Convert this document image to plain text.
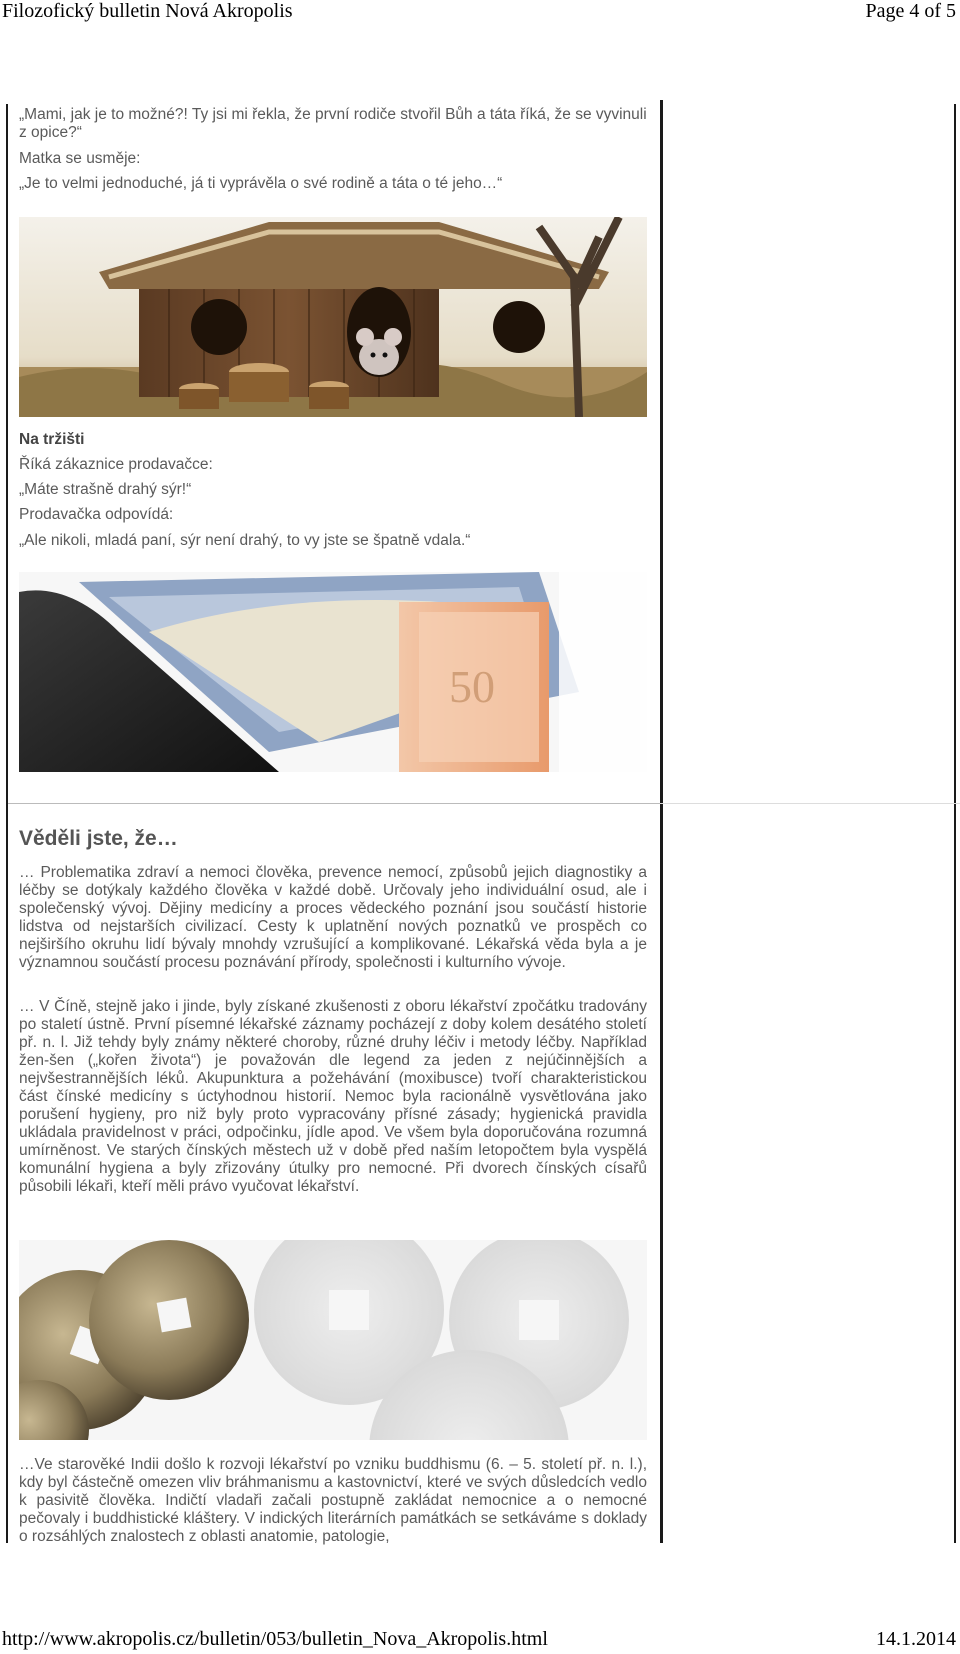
Filozofický bulletin Nová Akropolis	Page 4 of 5
„Mami, jak je to možné?! Ty jsi mi řekla, že první rodiče stvořil Bůh a táta říká, že se vyvinuli z opice?“
Matka se usměje:
„Je to velmi jednoduché, já ti vyprávěla o své rodině a táta o té jeho…“
Na tržišti
Říká zákaznice prodavačce:
„Máte strašně drahý sýr!“
Prodavačka odpovídá:
„Ale nikoli, mladá paní, sýr není drahý, to vy jste se špatně vdala.“
50
Věděli jste, že…
… Problematika zdraví a nemoci člověka, prevence nemocí, způsobů jejich diagnostiky a léčby se dotýkaly každého člověka v každé době. Určovaly jeho individuální osud, ale i společenský vývoj. Dějiny medicíny a proces vědeckého poznání jsou součástí historie lidstva od nejstarších civilizací. Cesty k uplatnění nových poznatků ve prospěch co nejširšího okruhu lidí bývaly mnohdy vzrušující a komplikované. Lékařská věda byla a je významnou součástí procesu poznávání přírody, společnosti i kulturního vývoje.
… V Číně, stejně jako i jinde, byly získané zkušenosti z oboru lékařství zpočátku tradovány po staletí ústně. První písemné lékařské záznamy pocházejí z doby kolem desátého století př. n. l. Již tehdy byly známy některé choroby, různé druhy léčiv i metody léčby. Například žen-šen („kořen života“) je považován dle legend za jeden z nejúčinnějších a nejvšestrannějších léků. Akupunktura a požehávání (moxibusce) tvoří charakteristickou část čínské medicíny s úctyhodnou historií. Nemoc byla racionálně vysvětlována jako porušení hygieny, pro niž byly proto vypracovány přísné zásady; hygienická pravidla ukládala pravidelnost v práci, odpočinku, jídle apod. Ve všem byla doporučována rozumná umírněnost. Ve starých čínských městech už v době před naším letopočtem byla vyspělá komunální hygiena a byly zřizovány útulky pro nemocné. Při dvorech čínských císařů působili lékaři, kteří měli právo vyučovat lékařství.
…Ve starověké Indii došlo k rozvoji lékařství po vzniku buddhismu (6. – 5. století př. n. l.), kdy byl částečně omezen vliv bráhmanismu a kastovnictví, které ve svých důsledcích vedlo k pasivitě člověka. Indičtí vladaři začali postupně zakládat nemocnice a o nemocné pečovaly i buddhistické kláštery. V indických literárních památkách se setkáváme s doklady o rozsáhlých znalostech z oblasti anatomie, patologie,
http://www.akropolis.cz/bulletin/053/bulletin_Nova_Akropolis.html	14.1.2014
